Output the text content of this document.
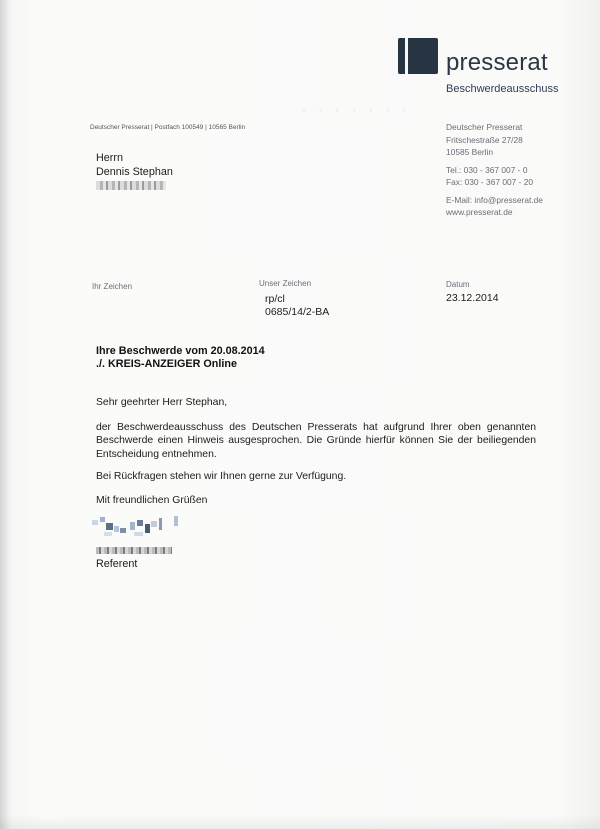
. . . . . . .
presserat
Beschwerdeausschuss
Deutscher Presserat | Postfach 100549 | 10565 Berlin	Deutscher Presserat
Fritschestraße 27/28
10585 Berlin
Tel.: 030 - 367 007 - 0
Fax: 030 - 367 007 - 20
E-Mail: info@presserat.de
www.presserat.de
Herrn
Dennis Stephan
Ihr Zeichen	Unser Zeichen
rp/cl
0685/14/2-BA
Datum
23.12.2014
Ihre Beschwerde vom 20.08.2014
./. KREIS-ANZEIGER Online
Sehr geehrter Herr Stephan,
der Beschwerdeausschuss des Deutschen Presserats hat aufgrund Ihrer oben genannten Beschwerde einen Hinweis ausgesprochen. Die Gründe hierfür können Sie der beiliegenden Entscheidung entnehmen.
Bei Rückfragen stehen wir Ihnen gerne zur Verfügung.
Mit freundlichen Grüßen
Referent
